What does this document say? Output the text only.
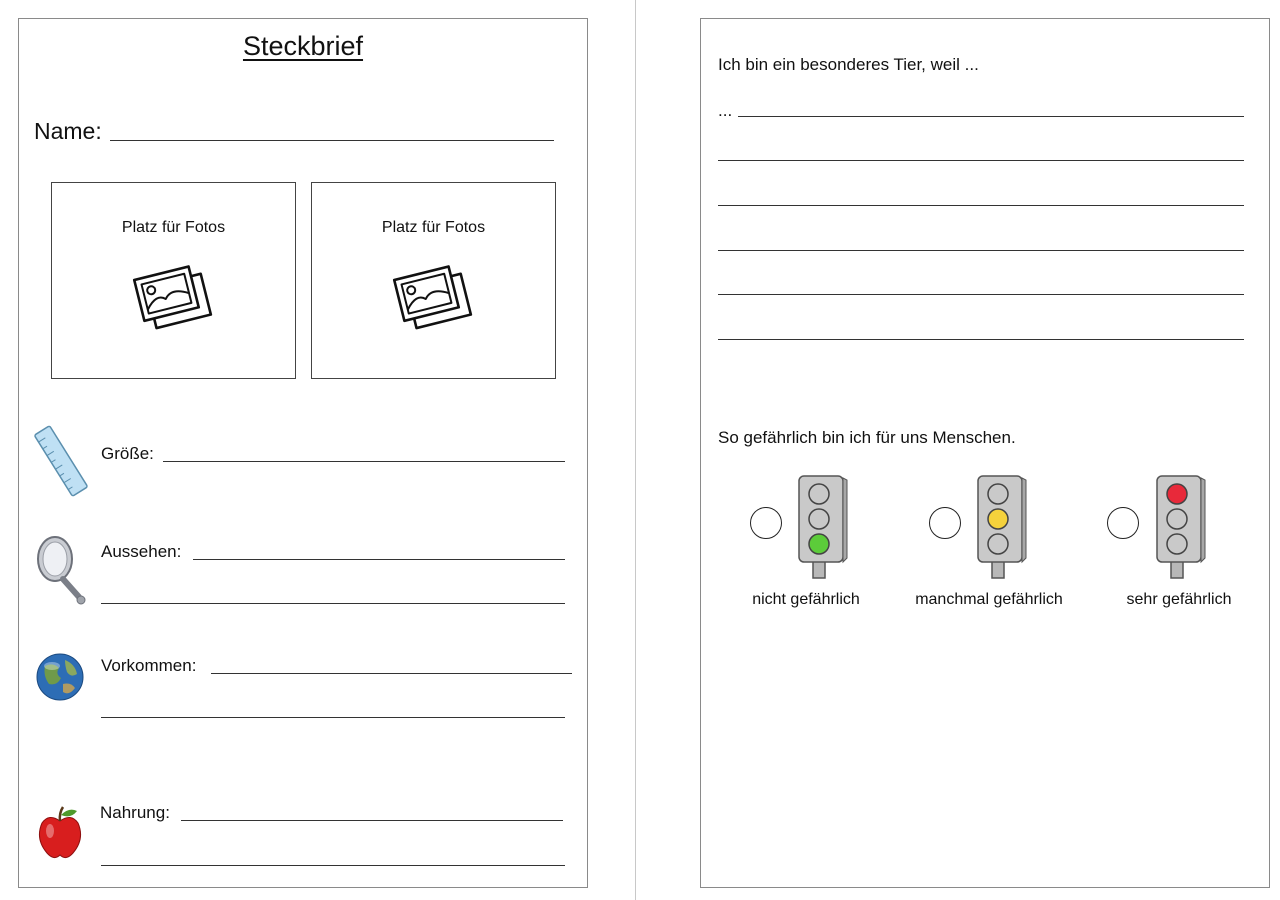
Steckbrief
Name:
Platz für Fotos	Platz für Fotos
Größe:
Aussehen:
Vorkommen:
Nahrung:
Ich bin ein besonderes Tier, weil ...
...
So gefährlich bin ich für uns Menschen.
nicht gefährlich	manchmal gefährlich	sehr gefährlich
